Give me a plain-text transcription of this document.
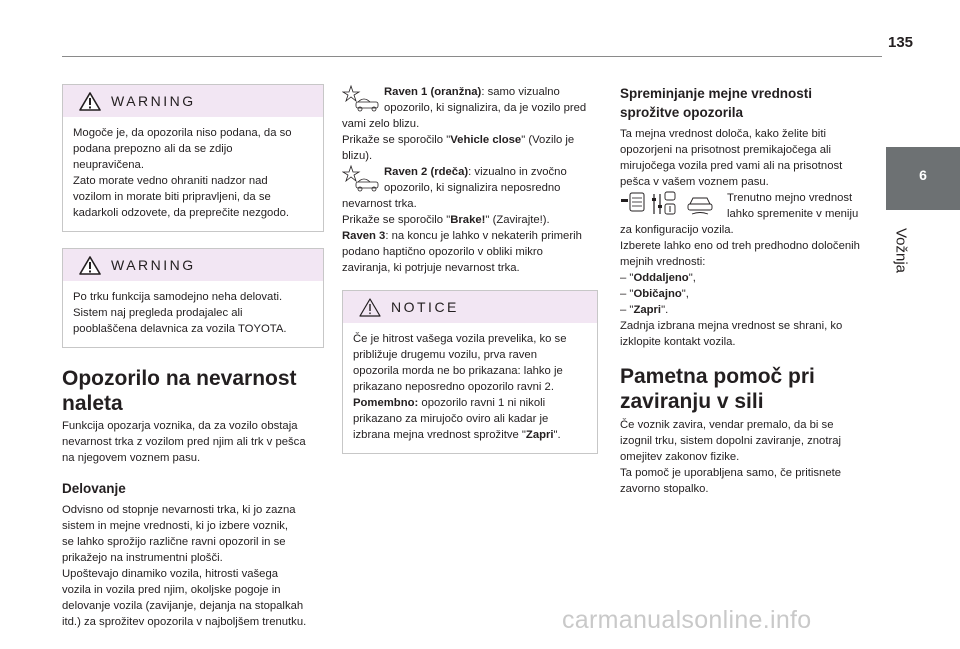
135
6
Vožnja
WARNING
Mogoče je, da opozorila niso podana, da so
podana prepozno ali da se zdijo
neupravičena.
Zato morate vedno ohraniti nadzor nad
vozilom in morate biti pripravljeni, da se
kadarkoli odzovete, da preprečite nezgodo.
WARNING
Po trku funkcija samodejno neha delovati.
Sistem naj pregleda prodajalec ali
pooblaščena delavnica za vozila TOYOTA.
Opozorilo na nevarnost
naleta
Funkcija opozarja voznika, da za vozilo obstaja
nevarnost trka z vozilom pred njim ali trk v pešca
na njegovem voznem pasu.
Delovanje
Odvisno od stopnje nevarnosti trka, ki jo zazna
sistem in mejne vrednosti, ki jo izbere voznik,
se lahko sprožijo različne ravni opozoril in se
prikažejo na instrumentni plošči.
Upoštevajo dinamiko vozila, hitrosti vašega
vozila in vozila pred njim, okoljske pogoje in
delovanje vozila (zavijanje, dejanja na stopalkah
itd.) za sprožitev opozorila v najboljšem trenutku.
Raven 1 (oranžna): samo vizualno
opozorilo, ki signalizira, da je vozilo pred
vami zelo blizu.
Prikaže se sporočilo "Vehicle close" (Vozilo je
blizu).
Raven 2 (rdeča): vizualno in zvočno
opozorilo, ki signalizira neposredno
nevarnost trka.
Prikaže se sporočilo "Brake!" (Zavirajte!).
Raven 3: na koncu je lahko v nekaterih primerih
podano haptično opozorilo v obliki mikro
zaviranja, ki potrjuje nevarnost trka.
NOTICE
Če je hitrost vašega vozila prevelika, ko se
približuje drugemu vozilu, prva raven
opozorila morda ne bo prikazana: lahko je
prikazano neposredno opozorilo ravni 2.
Pomembno: opozorilo ravni 1 ni nikoli
prikazano za mirujočo oviro ali kadar je
izbrana mejna vrednost sprožitve "Zapri".
Spreminjanje mejne vrednosti
sprožitve opozorila
Ta mejna vrednost določa, kako želite biti
opozorjeni na prisotnost premikajočega ali
mirujočega vozila pred vami ali na prisotnost
pešca v vašem voznem pasu.
Trenutno mejno vrednost
lahko spremenite v meniju
za konfiguracijo vozila.
Izberete lahko eno od treh predhodno določenih
mejnih vrednosti:
– "Oddaljeno",
– "Običajno",
– "Zapri".
Zadnja izbrana mejna vrednost se shrani, ko
izklopite kontakt vozila.
Pametna pomoč pri
zaviranju v sili
Če voznik zavira, vendar premalo, da bi se
izognil trku, sistem dopolni zaviranje, znotraj
omejitev zakonov fizike.
Ta pomoč je uporabljena samo, če pritisnete
zavorno stopalko.
carmanualsonline.info
